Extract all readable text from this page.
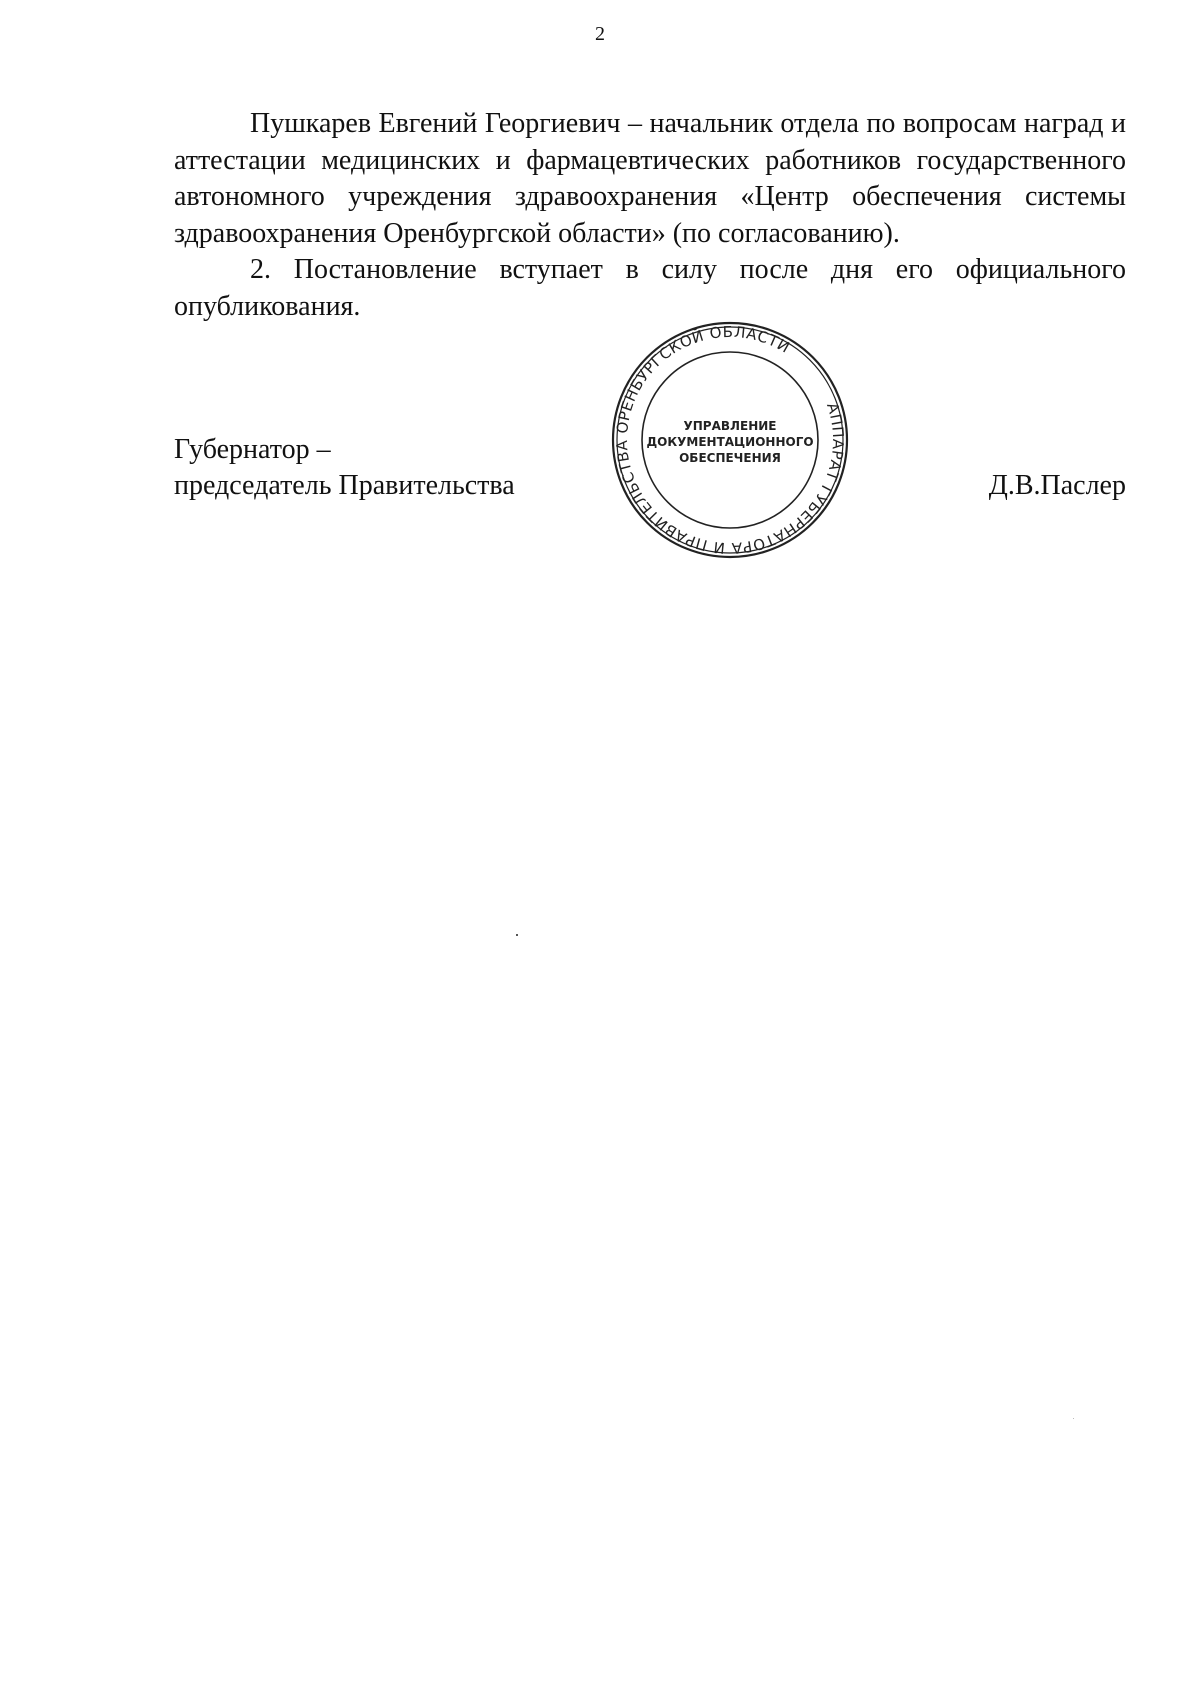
2

Пушкарев Евгений Георгиевич – начальник отдела по вопросам наград и аттестации медицинских и фармацевтических работников государственного автономного учреждения здравоохранения «Центр обеспечения системы здравоохранения Оренбургской области» (по согласованию).

2. Постановление вступает в силу после дня его официального опубликования.

Губернатор –
председатель Правительства	Д.В.Паслер
АППАРАТ ГУБЕРНАТОРА И ПРАВИТЕЛЬСТВА ОРЕНБУРГСКОЙ ОБЛАСТИ
УПРАВЛЕНИЕ
ДОКУМЕНТАЦИОННОГО
ОБЕСПЕЧЕНИЯ
